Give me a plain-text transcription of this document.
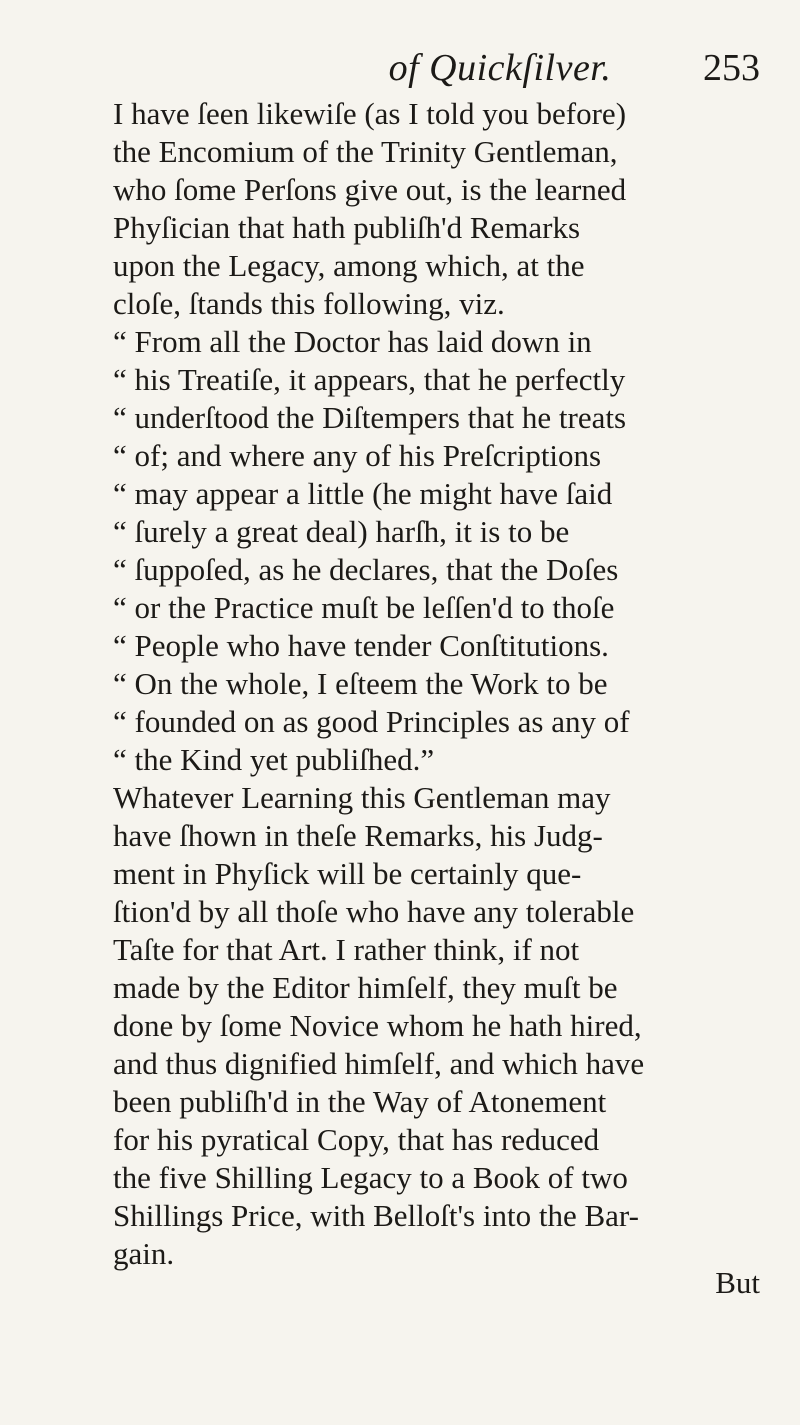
of Quickſilver. 253
I have ſeen likewiſe (as I told you before)
the Encomium of the Trinity Gentleman,
who ſome Perſons give out, is the learned
Phyſician that hath publiſh'd Remarks
upon the Legacy, among which, at the
cloſe, ſtands this following, viz.
“ From all the Doctor has laid down in
“ his Treatiſe, it appears, that he perfectly
“ underſtood the Diſtempers that he treats
“ of; and where any of his Preſcriptions
“ may appear a little (he might have ſaid
“ ſurely a great deal) harſh, it is to be
“ ſuppoſed, as he declares, that the Doſes
“ or the Practice muſt be leſſen'd to thoſe
“ People who have tender Conſtitutions.
“ On the whole, I eſteem the Work to be
“ founded on as good Principles as any of
“ the Kind yet publiſhed.”
Whatever Learning this Gentleman may
have ſhown in theſe Remarks, his Judg-
ment in Phyſick will be certainly que-
ſtion'd by all thoſe who have any tolerable
Taſte for that Art. I rather think, if not
made by the Editor himſelf, they muſt be
done by ſome Novice whom he hath hired,
and thus dignified himſelf, and which have
been publiſh'd in the Way of Atonement
for his pyratical Copy, that has reduced
the five Shilling Legacy to a Book of two
Shillings Price, with Belloſt's into the Bar-
gain.
But
